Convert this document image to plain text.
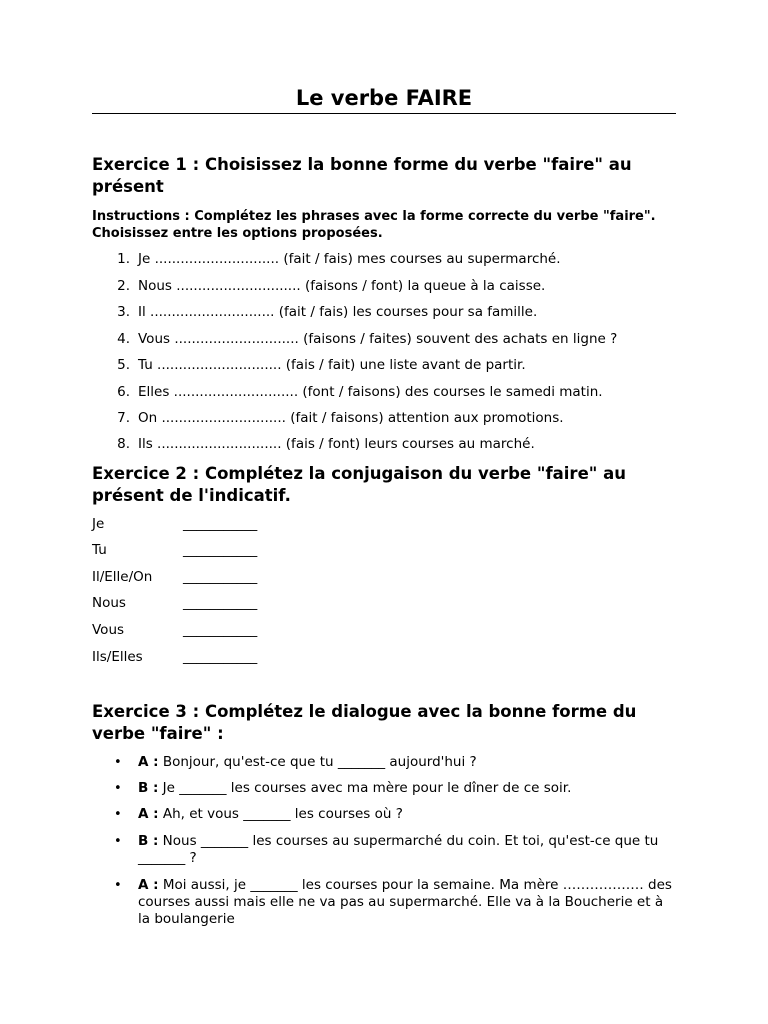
Le verbe FAIRE
Exercice 1 : Choisissez la bonne forme du verbe "faire" au présent
Instructions : Complétez les phrases avec la forme correcte du verbe "faire". Choisissez entre les options proposées.
1. Je ............................. (fait / fais) mes courses au supermarché.
2. Nous ............................. (faisons / font) la queue à la caisse.
3. Il ............................. (fait / fais) les courses pour sa famille.
4. Vous ............................. (faisons / faites) souvent des achats en ligne ?
5. Tu ............................. (fais / fait) une liste avant de partir.
6. Elles ............................. (font / faisons) des courses le samedi matin.
7. On ............................. (fait / faisons) attention aux promotions.
8. Ils ............................. (fais / font) leurs courses au marché.
Exercice 2 : Complétez la conjugaison du verbe "faire" au présent de l'indicatif.
Je	___________
Tu	___________
Il/Elle/On ___________
Nous	___________
Vous	___________
Ils/Elles	___________
Exercice 3 : Complétez le dialogue avec la bonne forme du verbe "faire" :
• A : Bonjour, qu'est-ce que tu _______ aujourd'hui ?
• B : Je _______ les courses avec ma mère pour le dîner de ce soir.
• A : Ah, et vous _______ les courses où ?
• B : Nous _______ les courses au supermarché du coin. Et toi, qu'est-ce que tu _______ ?
• A : Moi aussi, je _______ les courses pour la semaine. Ma mère ……………… des courses aussi mais elle ne va pas au supermarché. Elle va à la Boucherie et à la boulangerie
